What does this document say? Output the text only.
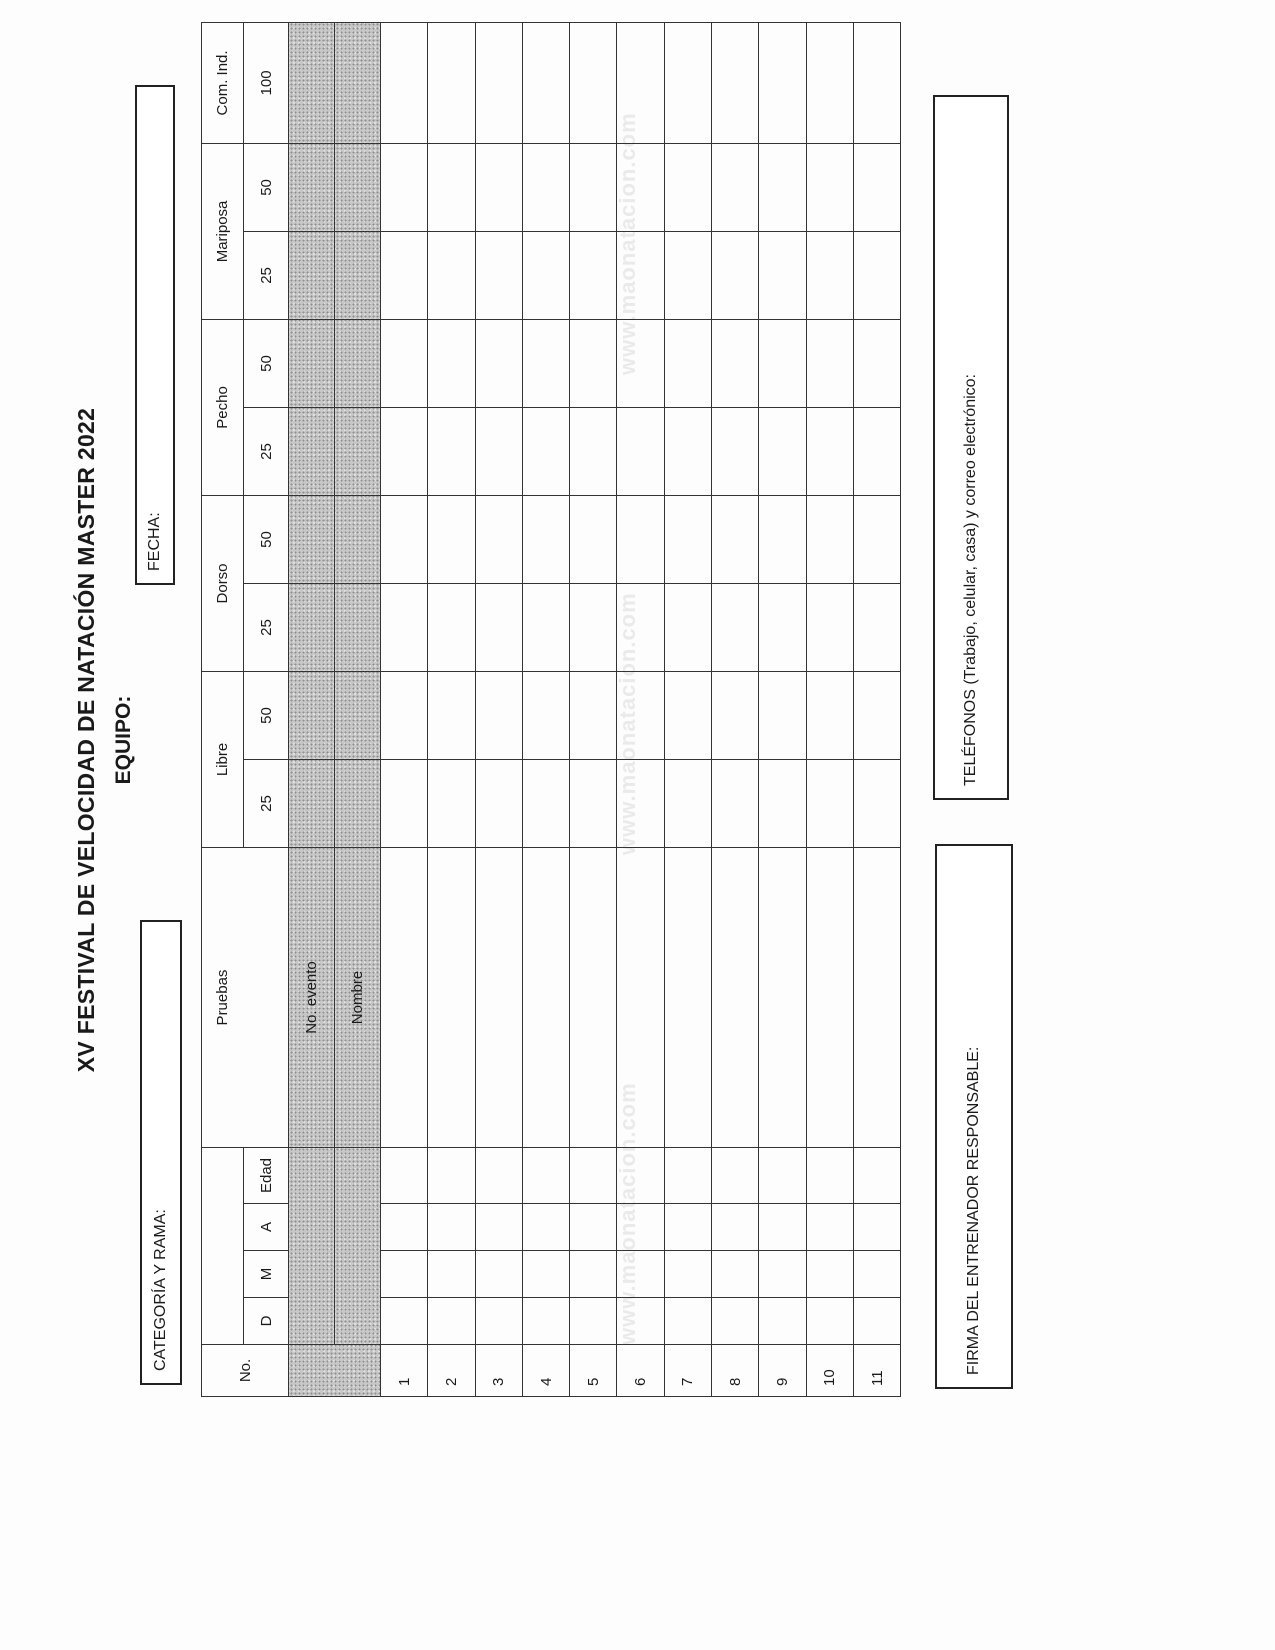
www.maonatacion.com
www.maonatacion.com
www.maonatacion.com
XV FESTIVAL DE VELOCIDAD DE NATACIÓN MASTER 2022 EQUIPO:
CATEGORÍA Y RAMA:
FECHA:
No.					Pruebas	Libre		Dorso		Pecho		Mariposa		Com. Ind.
	D	M	A	Edad		25	50	25	50	25	50	25	50	100
					No. evento									
					Nombre									
1														
2														
3														
4														
5														
6														
7														
8														
9														
10														
11														
FIRMA DEL ENTRENADOR RESPONSABLE:
TELÉFONOS (Trabajo, celular, casa) y correo electrónico:
